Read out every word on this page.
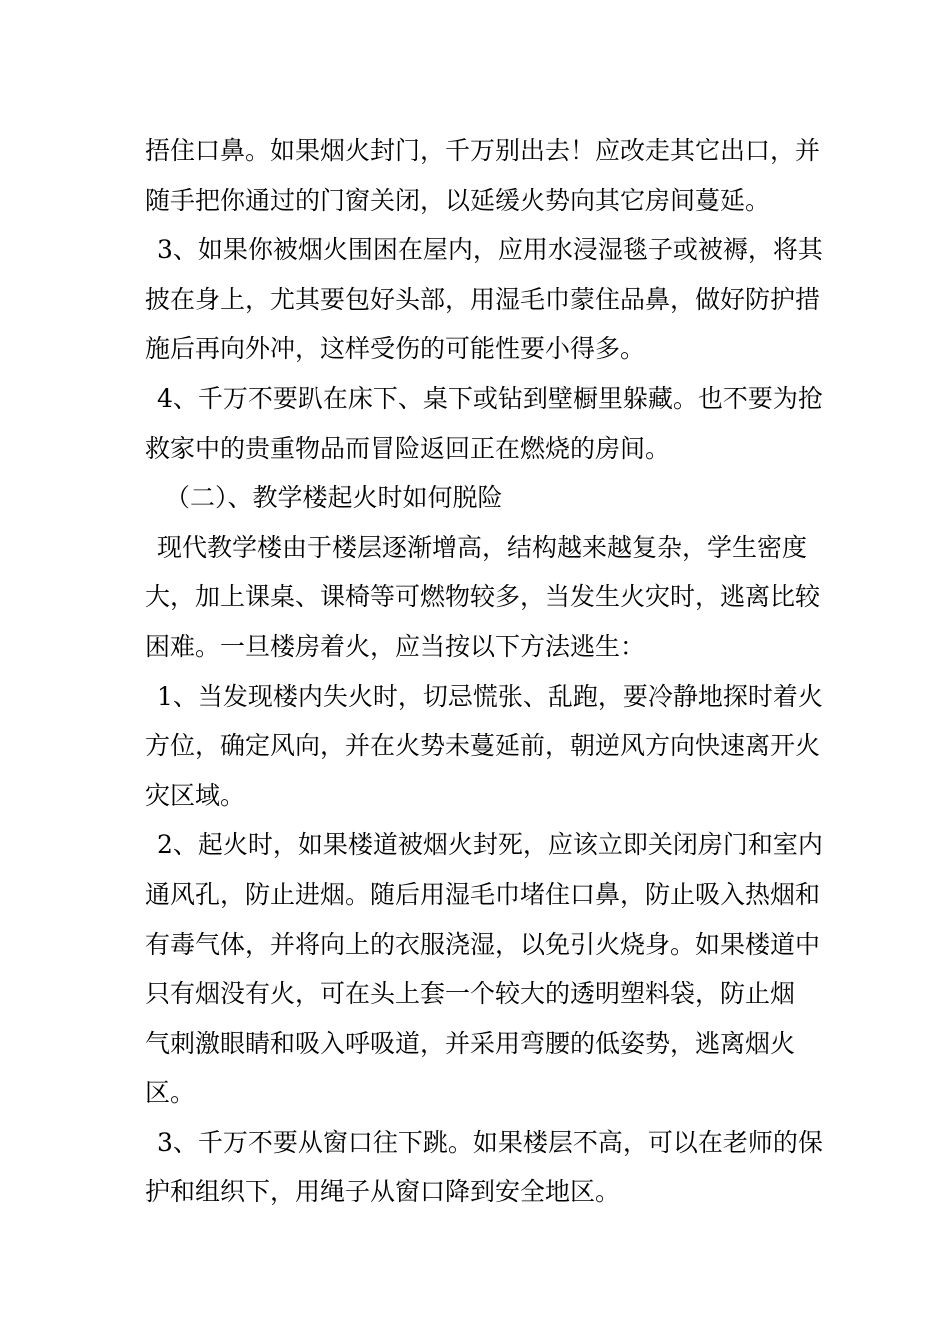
捂住口鼻。如果烟火封门，千万别出去！应改走其它出口，并
随手把你通过的门窗关闭，以延缓火势向其它房间蔓延。
3、如果你被烟火围困在屋内，应用水浸湿毯子或被褥，将其
披在身上，尤其要包好头部，用湿毛巾蒙住品鼻，做好防护措
施后再向外冲，这样受伤的可能性要小得多。
4、千万不要趴在床下、桌下或钻到壁橱里躲藏。也不要为抢
救家中的贵重物品而冒险返回正在燃烧的房间。
（二）、教学楼起火时如何脱险
现代教学楼由于楼层逐渐增高，结构越来越复杂，学生密度
大，加上课桌、课椅等可燃物较多，当发生火灾时，逃离比较
困难。一旦楼房着火，应当按以下方法逃生：
1、当发现楼内失火时，切忌慌张、乱跑，要冷静地探时着火
方位，确定风向，并在火势未蔓延前，朝逆风方向快速离开火
灾区域。
2、起火时，如果楼道被烟火封死，应该立即关闭房门和室内
通风孔，防止进烟。随后用湿毛巾堵住口鼻，防止吸入热烟和
有毒气体，并将向上的衣服浇湿，以免引火烧身。如果楼道中
只有烟没有火，可在头上套一个较大的透明塑料袋，防止烟
气刺激眼睛和吸入呼吸道，并采用弯腰的低姿势，逃离烟火
区。
3、千万不要从窗口往下跳。如果楼层不高，可以在老师的保
护和组织下，用绳子从窗口降到安全地区。
